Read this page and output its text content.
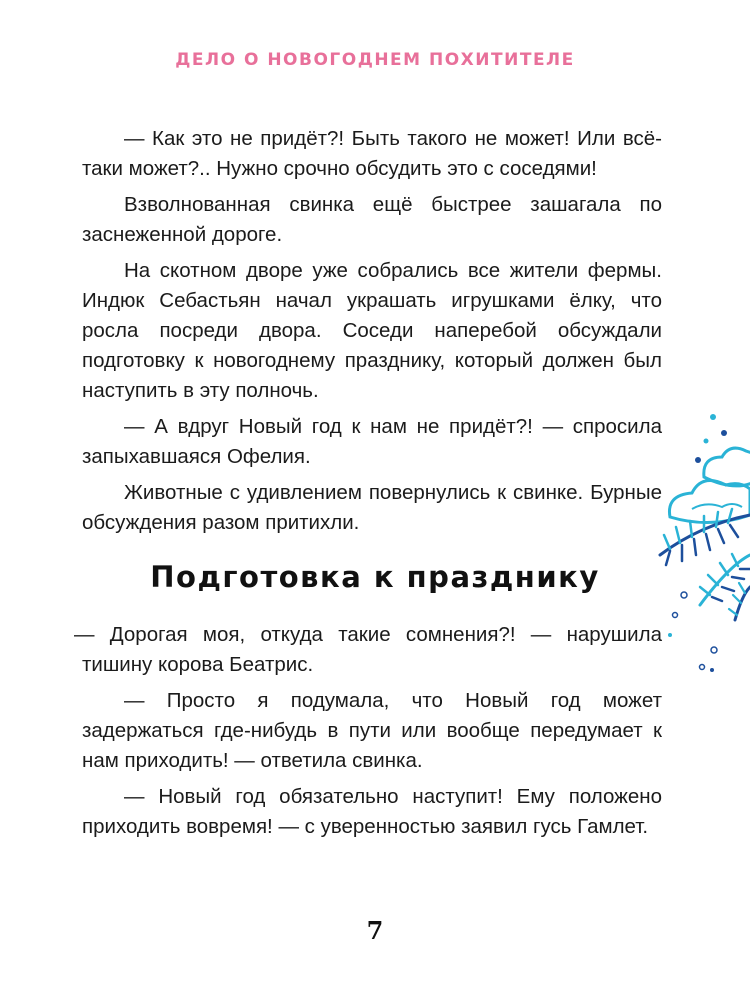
ДЕЛО О НОВОГОДНЕМ ПОХИТИТЕЛЕ

— Как это не придёт?! Быть такого не может! Или всё-таки может?.. Нужно срочно обсудить это с соседями!

Взволнованная свинка ещё быстрее зашагала по заснеженной дороге.

На скотном дворе уже собрались все жители фермы. Индюк Себастьян начал украшать игрушками ёлку, что росла посреди двора. Соседи наперебой обсуждали подготовку к новогоднему празднику, который должен был наступить в эту полночь.

— А вдруг Новый год к нам не придёт?! — спросила запыхавшаяся Офелия.

Животные с удивлением повернулись к свинке. Бурные обсуждения разом притихли.

Подготовка к празднику

— Дорогая моя, откуда такие сомнения?! — нарушила тишину корова Беатрис.

— Просто я подумала, что Новый год может задержаться где-нибудь в пути или вообще передумает к нам приходить! — ответила свинка.

— Новый год обязательно наступит! Ему положено приходить вовремя! — с уверенностью заявил гусь Гамлет.

7
